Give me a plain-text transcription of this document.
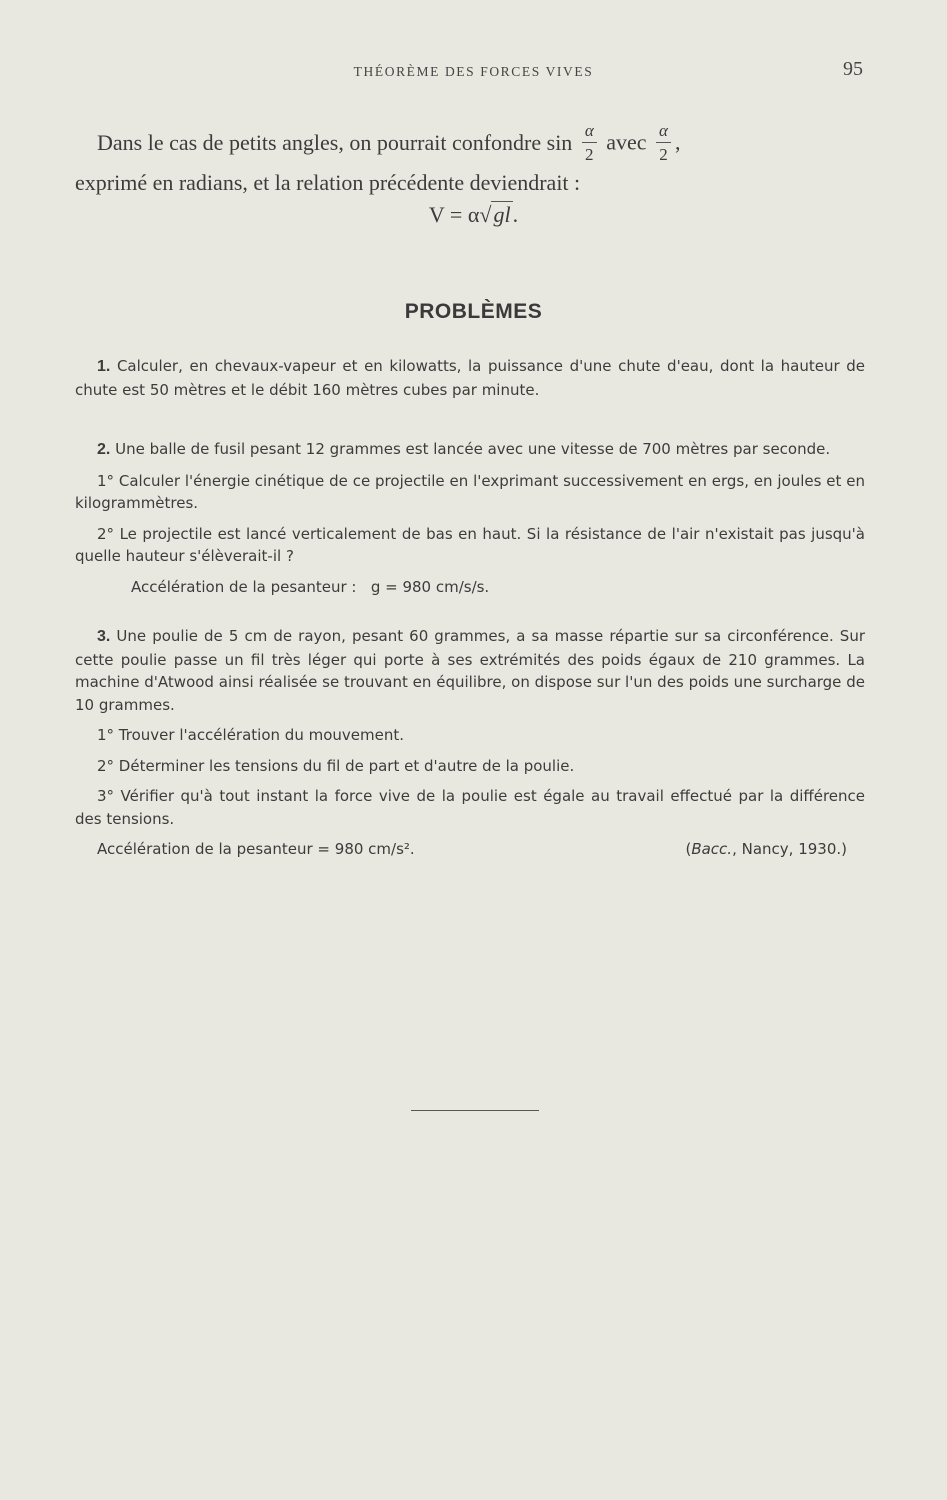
THÉORÈME DES FORCES VIVES	95
Dans le cas de petits angles, on pourrait confondre $\sin \frac{\alpha}{2}$ avec $\frac{\alpha}{2}$ ,
exprimé en radians, et la relation précédente deviendrait :
V = α√gl.
PROBLÈMES

1. Calculer, en chevaux-vapeur et en kilowatts, la puissance d'une chute d'eau, dont la hauteur de chute est 50 mètres et le débit 160 mètres cubes par minute.

2. Une balle de fusil pesant 12 grammes est lancée avec une vitesse de 700 mètres par seconde.

1° Calculer l'énergie cinétique de ce projectile en l'exprimant successivement en ergs, en joules et en kilogrammètres.

2° Le projectile est lancé verticalement de bas en haut. Si la résistance de l'air n'existait pas jusqu'à quelle hauteur s'élèverait-il ?

Accélération de la pesanteur : g = 980 cm/s/s.

3. Une poulie de 5 cm de rayon, pesant 60 grammes, a sa masse répartie sur sa circonférence. Sur cette poulie passe un fil très léger qui porte à ses extrémités des poids égaux de 210 grammes. La machine d'Atwood ainsi réalisée se trouvant en équilibre, on dispose sur l'un des poids une surcharge de 10 grammes.

1° Trouver l'accélération du mouvement.

2° Déterminer les tensions du fil de part et d'autre de la poulie.

3° Vérifier qu'à tout instant la force vive de la poulie est égale au travail effectué par la différence des tensions.

Accélération de la pesanteur = 980 cm/s².	(Bacc., Nancy, 1930.)
